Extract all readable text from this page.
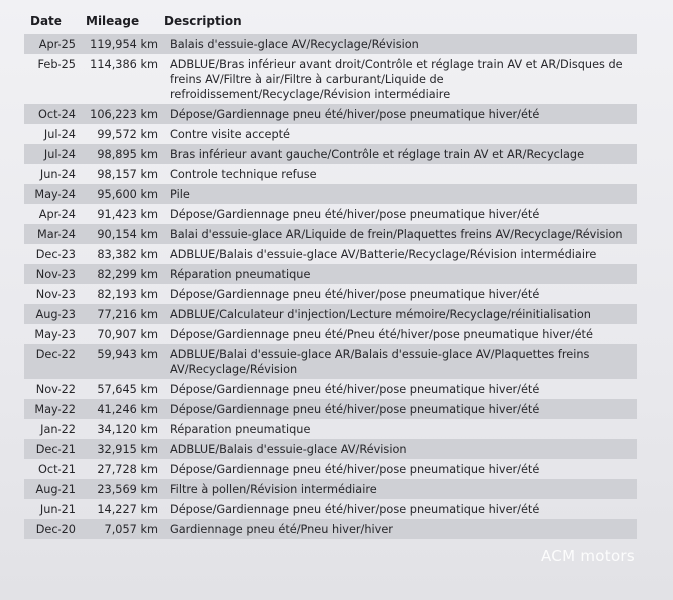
Date Mileage Description
Apr-25	119,954 km	Balais d'essuie-glace AV/Recyclage/Révision
Feb-25	114,386 km	ADBLUE/Bras inférieur avant droit/Contrôle et réglage train AV et AR/Disques de freins AV/Filtre à air/Filtre à carburant/Liquide de refroidissement/Recyclage/Révision intermédiaire
Oct-24	106,223 km	Dépose/Gardiennage pneu été/hiver/pose pneumatique hiver/été
Jul-24	99,572 km	Contre visite accepté
Jul-24	98,895 km	Bras inférieur avant gauche/Contrôle et réglage train AV et AR/Recyclage
Jun-24	98,157 km	Controle technique refuse
May-24	95,600 km	Pile
Apr-24	91,423 km	Dépose/Gardiennage pneu été/hiver/pose pneumatique hiver/été
Mar-24	90,154 km	Balai d'essuie-glace AR/Liquide de frein/Plaquettes freins AV/Recyclage/Révision
Dec-23	83,382 km	ADBLUE/Balais d'essuie-glace AV/Batterie/Recyclage/Révision intermédiaire
Nov-23	82,299 km	Réparation pneumatique
Nov-23	82,193 km	Dépose/Gardiennage pneu été/hiver/pose pneumatique hiver/été
Aug-23	77,216 km	ADBLUE/Calculateur d'injection/Lecture mémoire/Recyclage/réinitialisation
May-23	70,907 km	Dépose/Gardiennage pneu été/Pneu été/hiver/pose pneumatique hiver/été
Dec-22	59,943 km	ADBLUE/Balai d'essuie-glace AR/Balais d'essuie-glace AV/Plaquettes freins AV/Recyclage/Révision
Nov-22	57,645 km	Dépose/Gardiennage pneu été/hiver/pose pneumatique hiver/été
May-22	41,246 km	Dépose/Gardiennage pneu été/hiver/pose pneumatique hiver/été
Jan-22	34,120 km	Réparation pneumatique
Dec-21	32,915 km	ADBLUE/Balais d'essuie-glace AV/Révision
Oct-21	27,728 km	Dépose/Gardiennage pneu été/hiver/pose pneumatique hiver/été
Aug-21	23,569 km	Filtre à pollen/Révision intermédiaire
Jun-21	14,227 km	Dépose/Gardiennage pneu été/hiver/pose pneumatique hiver/été
Dec-20	7,057 km	Gardiennage pneu été/Pneu hiver/hiver
ACM motors
